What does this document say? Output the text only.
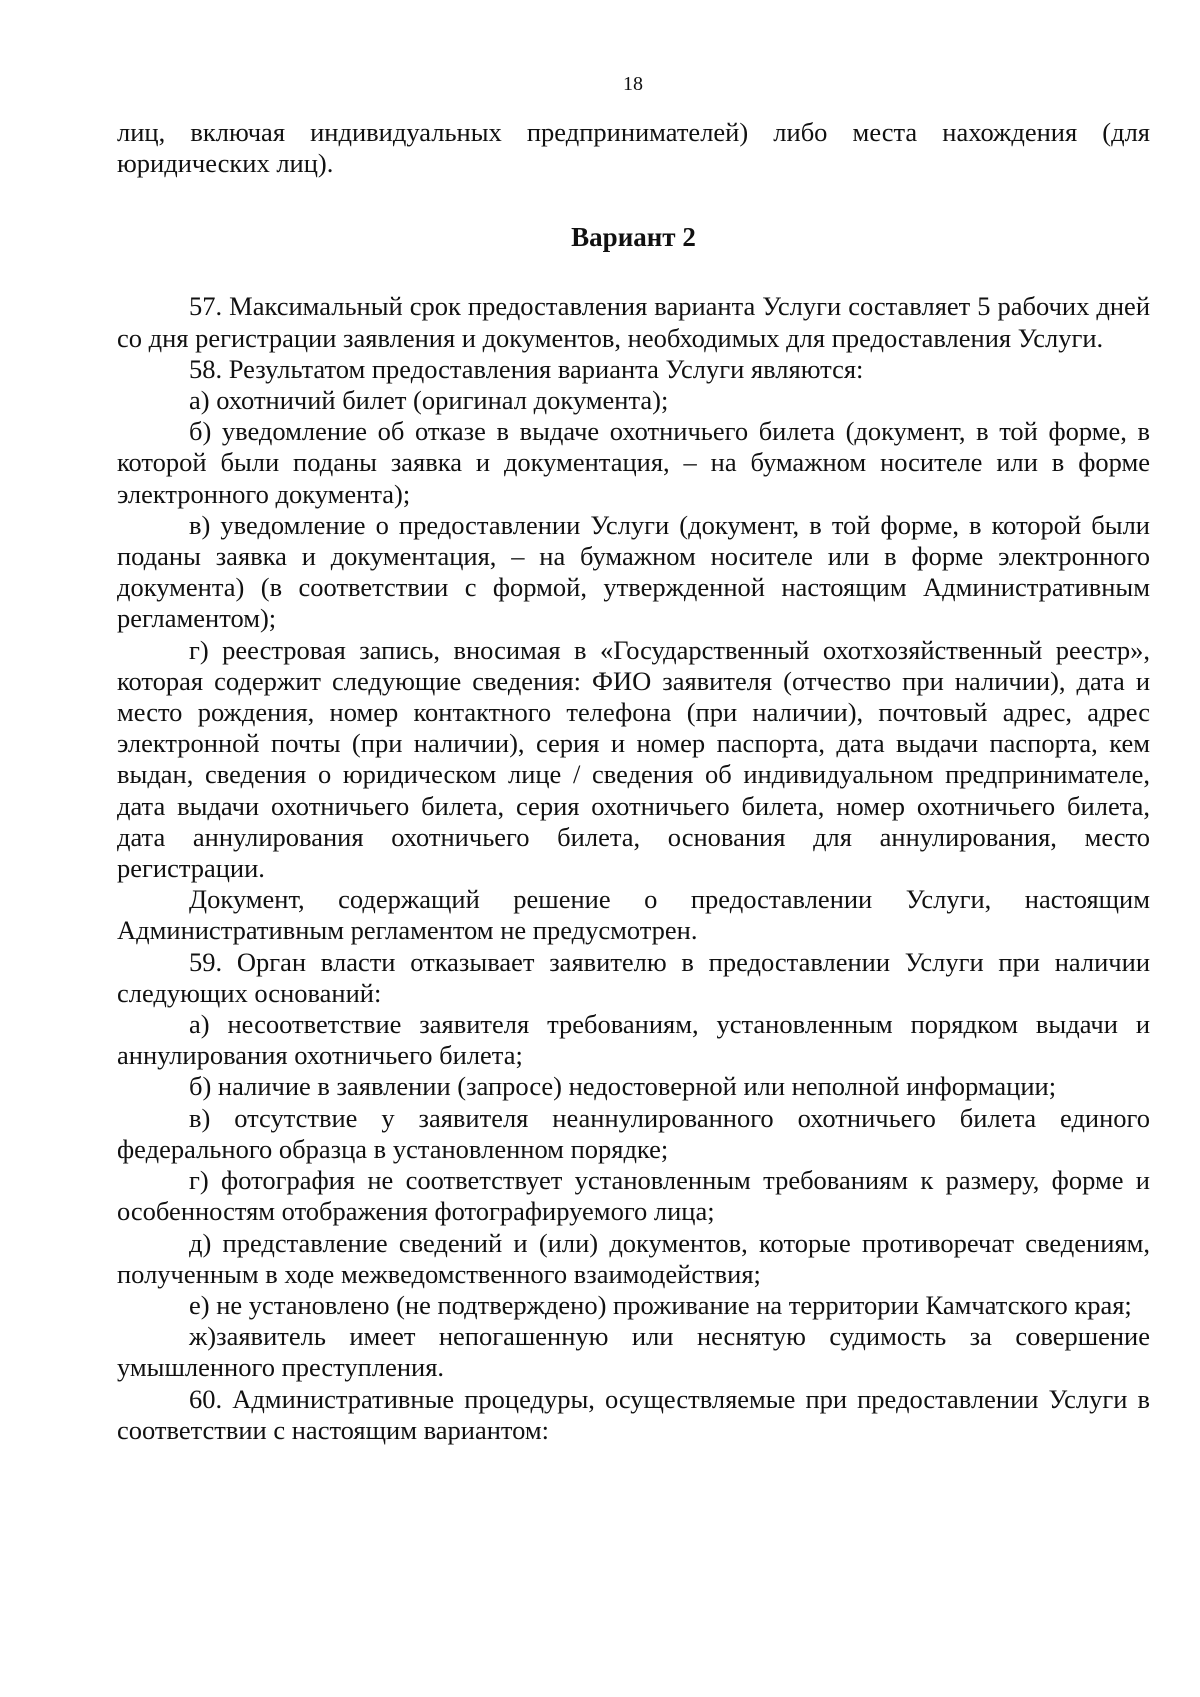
18

лиц, включая индивидуальных предпринимателей) либо места нахождения (для юридических лиц).

Вариант 2

57. Максимальный срок предоставления варианта Услуги составляет 5 рабочих дней со дня регистрации заявления и документов, необходимых для предоставления Услуги.

58. Результатом предоставления варианта Услуги являются:

а) охотничий билет (оригинал документа);

б) уведомление об отказе в выдаче охотничьего билета (документ, в той форме, в которой были поданы заявка и документация, – на бумажном носителе или в форме электронного документа);

в) уведомление о предоставлении Услуги (документ, в той форме, в которой были поданы заявка и документация, – на бумажном носителе или в форме электронного документа) (в соответствии с формой, утвержденной настоящим Административным регламентом);

г) реестровая запись, вносимая в «Государственный охотхозяйственный реестр», которая содержит следующие сведения: ФИО заявителя (отчество при наличии), дата и место рождения, номер контактного телефона (при наличии), почтовый адрес, адрес электронной почты (при наличии), серия и номер паспорта, дата выдачи паспорта, кем выдан, сведения о юридическом лице / сведения об индивидуальном предпринимателе, дата выдачи охотничьего билета, серия охотничьего билета, номер охотничьего билета, дата аннулирования охотничьего билета, основания для аннулирования, место регистрации.

Документ, содержащий решение о предоставлении Услуги, настоящим Административным регламентом не предусмотрен.

59. Орган власти отказывает заявителю в предоставлении Услуги при наличии следующих оснований:

а) несоответствие заявителя требованиям, установленным порядком выдачи и аннулирования охотничьего билета;

б) наличие в заявлении (запросе) недостоверной или неполной информации;

в) отсутствие у заявителя неаннулированного охотничьего билета единого федерального образца в установленном порядке;

г) фотография не соответствует установленным требованиям к размеру, форме и особенностям отображения фотографируемого лица;

д) представление сведений и (или) документов, которые противоречат сведениям, полученным в ходе межведомственного взаимодействия;

е) не установлено (не подтверждено) проживание на территории Камчатского края;

ж)заявитель имеет непогашенную или неснятую судимость за совершение умышленного преступления.

60. Административные процедуры, осуществляемые при предоставлении Услуги в соответствии с настоящим вариантом:
